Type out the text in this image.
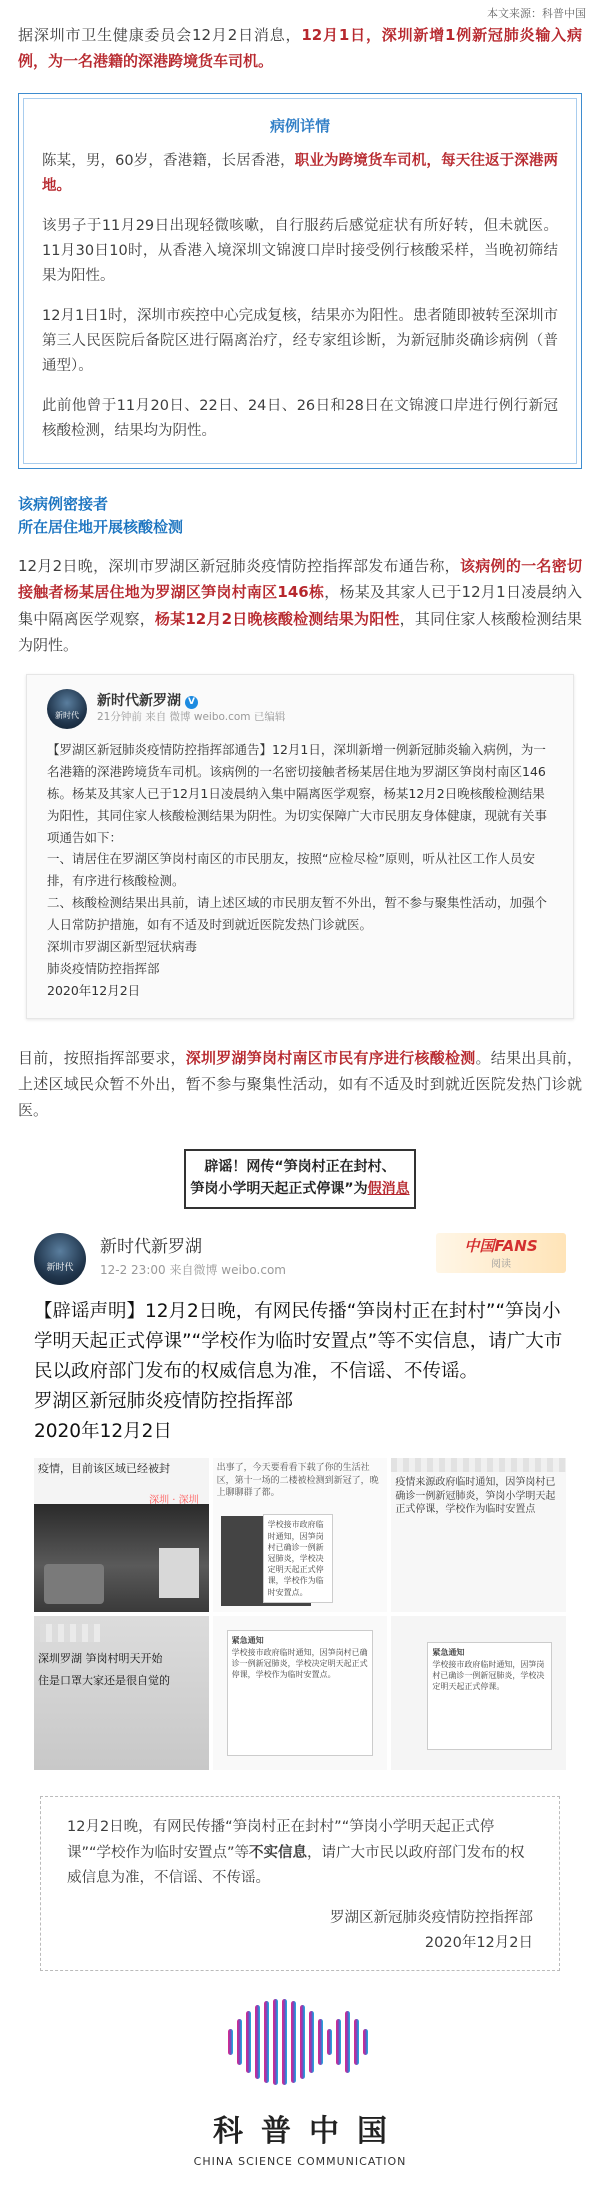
本文来源：科普中国
据深圳市卫生健康委员会12月2日消息，12月1日，深圳新增1例新冠肺炎输入病例，为一名港籍的深港跨境货车司机。
病例详情

陈某，男，60岁，香港籍，长居香港，职业为跨境货车司机，每天往返于深港两地。

该男子于11月29日出现轻微咳嗽，自行服药后感觉症状有所好转，但未就医。11月30日10时，从香港入境深圳文锦渡口岸时接受例行核酸采样，当晚初筛结果为阳性。

12月1日1时，深圳市疾控中心完成复核，结果亦为阳性。患者随即被转至深圳市第三人民医院后备院区进行隔离治疗，经专家组诊断，为新冠肺炎确诊病例（普通型）。

此前他曾于11月20日、22日、24日、26日和28日在文锦渡口岸进行例行新冠核酸检测，结果均为阴性。

该病例密接者
所在居住地开展核酸检测
12月2日晚，深圳市罗湖区新冠肺炎疫情防控指挥部发布通告称，该病例的一名密切接触者杨某居住地为罗湖区笋岗村南区146栋，杨某及其家人已于12月1日凌晨纳入集中隔离医学观察，杨某12月2日晚核酸检测结果为阳性，其同住家人核酸检测结果为阴性。
新时代
新时代新罗湖 V
21分钟前 来自 微博 weibo.com 已编辑
【罗湖区新冠肺炎疫情防控指挥部通告】12月1日，深圳新增一例新冠肺炎输入病例，为一名港籍的深港跨境货车司机。该病例的一名密切接触者杨某居住地为罗湖区笋岗村南区146栋。杨某及其家人已于12月1日凌晨纳入集中隔离医学观察，杨某12月2日晚核酸检测结果为阳性，其同住家人核酸检测结果为阴性。为切实保障广大市民朋友身体健康，现就有关事项通告如下：
一、请居住在罗湖区笋岗村南区的市民朋友，按照“应检尽检”原则，听从社区工作人员安排，有序进行核酸检测。
二、核酸检测结果出具前，请上述区域的市民朋友暂不外出，暂不参与聚集性活动，加强个人日常防护措施，如有不适及时到就近医院发热门诊就医。
深圳市罗湖区新型冠状病毒
肺炎疫情防控指挥部
2020年12月2日
目前，按照指挥部要求，深圳罗湖笋岗村南区市民有序进行核酸检测。结果出具前，上述区域民众暂不外出，暂不参与聚集性活动，如有不适及时到就近医院发热门诊就医。
辟谣！网传“笋岗村正在封村、
笋岗小学明天起正式停课”为假消息
新时代
新时代新罗湖
12-2 23:00 来自微博 weibo.com
中国FANS
阅读
【辟谣声明】12月2日晚，有网民传播“笋岗村正在封村”“笋岗小学明天起正式停课”“学校作为临时安置点”等不实信息，请广大市民以政府部门发布的权威信息为准，不信谣、不传谣。
罗湖区新冠肺炎疫情防控指挥部
2020年12月2日
疫情，目前该区域已经被封
深圳 · 深圳
出事了，今天要看看下载了你的生活社区，第十一场的二楼被检测到新冠了，晚上聊聊群了都。
学校接市政府临时通知，因笋岗村已确诊一例新冠肺炎，学校决定明天起正式停课，学校作为临时安置点。
疫情来源政府临时通知，因笋岗村已确诊一例新冠肺炎，笋岗小学明天起正式停课，学校作为临时安置点
深圳罗湖 笋岗村明天开始
住是口罩大家还是很自觉的
紧急通知
学校接市政府临时通知，因笋岗村已确诊一例新冠肺炎，学校决定明天起正式停课，学校作为临时安置点。
紧急通知
学校接市政府临时通知，因笋岗村已确诊一例新冠肺炎，学校决定明天起正式停课。
12月2日晚，有网民传播“笋岗村正在封村”“笋岗小学明天起正式停课”“学校作为临时安置点”等不实信息，请广大市民以政府部门发布的权威信息为准，不信谣、不传谣。
罗湖区新冠肺炎疫情防控指挥部
2020年12月2日
科普中国
CHINA SCIENCE COMMUNICATION
